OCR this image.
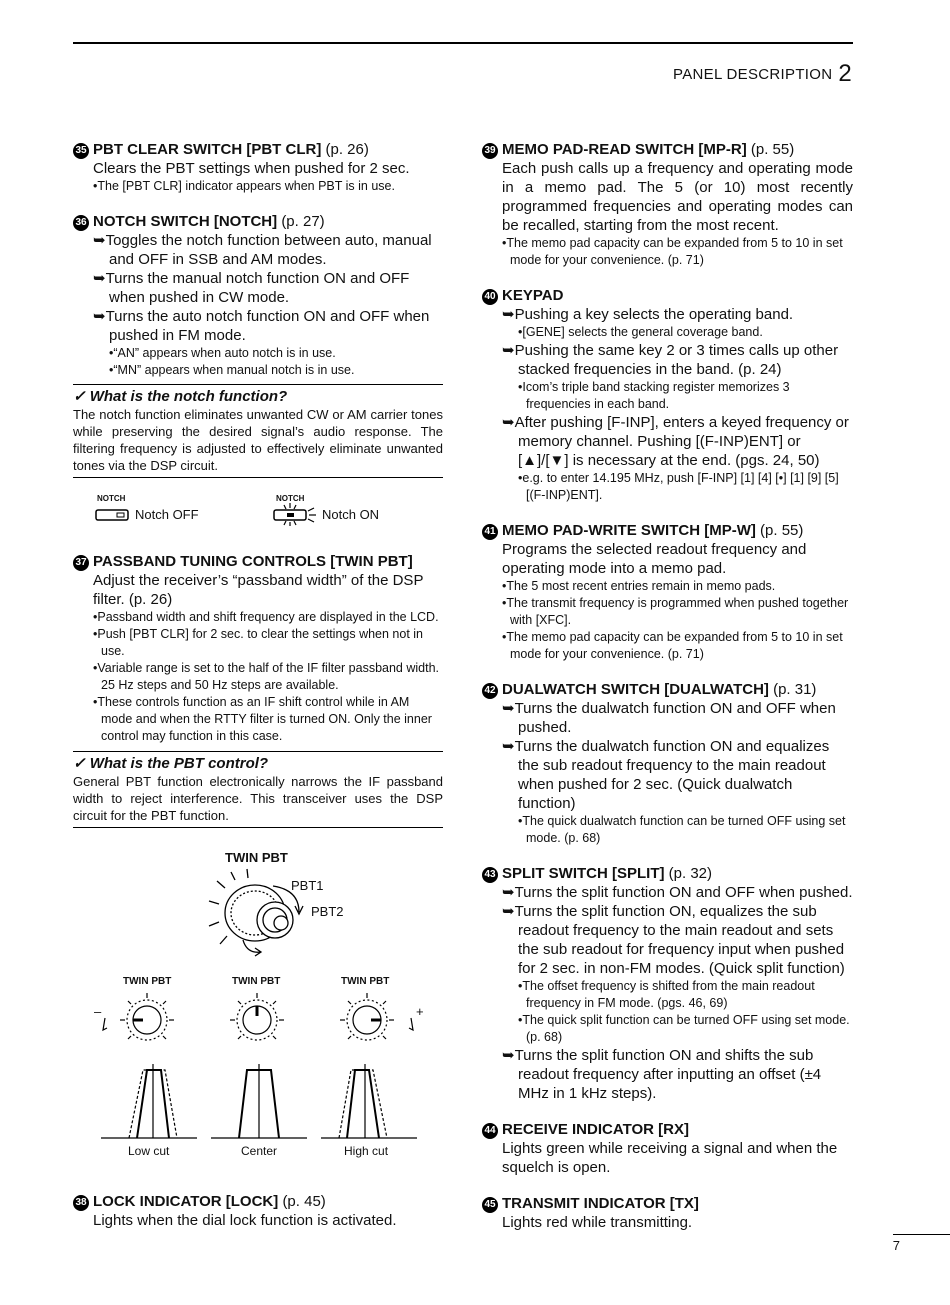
PANEL DESCRIPTION 2
35 PBT CLEAR SWITCH [PBT CLR] (p. 26)
Clears the PBT settings when pushed for 2 sec.
•The [PBT CLR] indicator appears when PBT is in use.
36 NOTCH SWITCH [NOTCH] (p. 27)
➥Toggles the notch function between auto, manual and OFF in SSB and AM modes.
➥Turns the manual notch function ON and OFF when pushed in CW mode.
➥Turns the auto notch function ON and OFF when pushed in FM mode.
•“AN” appears when auto notch is in use.
•“MN” appears when manual notch is in use.
✓ What is the notch function?
The notch function eliminates unwanted CW or AM carrier tones while preserving the desired signal’s audio response. The filtering frequency is adjusted to effectively eliminate unwanted tones via the DSP circuit.
NOTCH
Notch OFF
NOTCH
Notch ON
37 PASSBAND TUNING CONTROLS [TWIN PBT]
Adjust the receiver’s “passband width” of the DSP filter. (p. 26)
•Passband width and shift frequency are displayed in the LCD.
•Push [PBT CLR] for 2 sec. to clear the settings when not in use.
•Variable range is set to the half of the IF filter passband width. 25 Hz steps and 50 Hz steps are available.
•These controls function as an IF shift control while in AM mode and when the RTTY filter is turned ON. Only the inner control may function in this case.
✓ What is the PBT control?
General PBT function electronically narrows the IF passband width to reject interference. This transceiver uses the DSP circuit for the PBT function.
TWIN PBT
PBT1
PBT2
TWIN PBT	TWIN PBT	TWIN PBT
–	+
Low cut	Center	High cut
38 LOCK INDICATOR [LOCK] (p. 45)
Lights when the dial lock function is activated.
39 MEMO PAD-READ SWITCH [MP-R] (p. 55)
Each push calls up a frequency and operating mode in a memo pad. The 5 (or 10) most recently programmed frequencies and operating modes can be recalled, starting from the most recent.
•The memo pad capacity can be expanded from 5 to 10 in set mode for your convenience. (p. 71)
40 KEYPAD
➥Pushing a key selects the operating band.
•[GENE] selects the general coverage band.
➥Pushing the same key 2 or 3 times calls up other stacked frequencies in the band. (p. 24)
•Icom’s triple band stacking register memorizes 3 frequencies in each band.
➥After pushing [F-INP], enters a keyed frequency or memory channel. Pushing [(F-INP)ENT] or [▲]/[▼] is necessary at the end. (pgs. 24, 50)
•e.g. to enter 14.195 MHz, push [F-INP] [1] [4] [•] [1] [9] [5] [(F-INP)ENT].
41 MEMO PAD-WRITE SWITCH [MP-W] (p. 55)
Programs the selected readout frequency and operating mode into a memo pad.
•The 5 most recent entries remain in memo pads.
•The transmit frequency is programmed when pushed together with [XFC].
•The memo pad capacity can be expanded from 5 to 10 in set mode for your convenience. (p. 71)
42 DUALWATCH SWITCH [DUALWATCH] (p. 31)
➥Turns the dualwatch function ON and OFF when pushed.
➥Turns the dualwatch function ON and equalizes the sub readout frequency to the main readout when pushed for 2 sec. (Quick dualwatch function)
•The quick dualwatch function can be turned OFF using set mode. (p. 68)
43 SPLIT SWITCH [SPLIT] (p. 32)
➥Turns the split function ON and OFF when pushed.
➥Turns the split function ON, equalizes the sub readout frequency to the main readout and sets the sub readout for frequency input when pushed for 2 sec. in non-FM modes. (Quick split function)
•The offset frequency is shifted from the main readout frequency in FM mode. (pgs. 46, 69)
•The quick split function can be turned OFF using set mode. (p. 68)
➥Turns the split function ON and shifts the sub readout frequency after inputting an offset (±4 MHz in 1 kHz steps).
44 RECEIVE INDICATOR [RX]
Lights green while receiving a signal and when the squelch is open.
45 TRANSMIT INDICATOR [TX]
Lights red while transmitting.
7
